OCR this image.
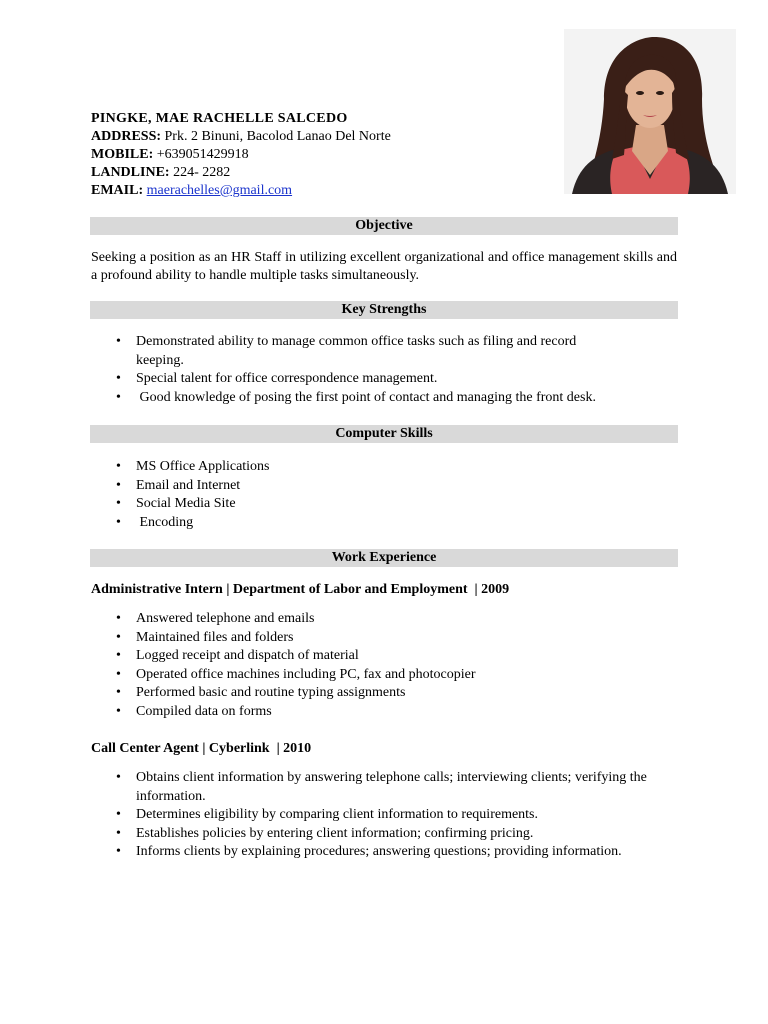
PINGKE, MAE RACHELLE SALCEDO
ADDRESS: Prk. 2 Binuni, Bacolod Lanao Del Norte
MOBILE: +639051429918
LANDLINE: 224- 2282
EMAIL: maerachelles@gmail.com
Objective
Seeking a position as an HR Staff in utilizing excellent organizational and office management skills and a profound ability to handle multiple tasks simultaneously.
Key Strengths
• Demonstrated ability to manage common office tasks such as filing and record keeping.
• Special talent for office correspondence management.
•  Good knowledge of posing the first point of contact and managing the front desk.
Computer Skills
• MS Office Applications
• Email and Internet
• Social Media Site
•  Encoding
Work Experience
Administrative Intern | Department of Labor and Employment  | 2009
• Answered telephone and emails
• Maintained files and folders
• Logged receipt and dispatch of material
• Operated office machines including PC, fax and photocopier
• Performed basic and routine typing assignments
• Compiled data on forms
Call Center Agent | Cyberlink  | 2010
• Obtains client information by answering telephone calls; interviewing clients; verifying the information.
• Determines eligibility by comparing client information to requirements.
• Establishes policies by entering client information; confirming pricing.
• Informs clients by explaining procedures; answering questions; providing information.
